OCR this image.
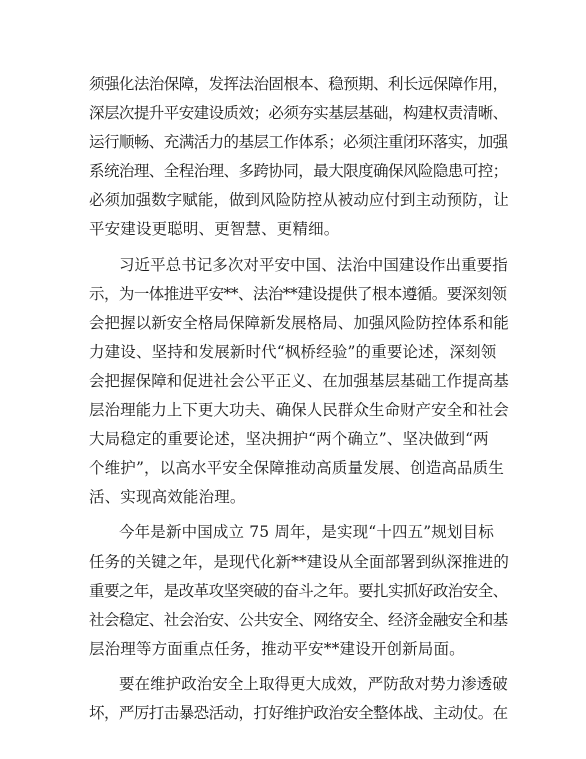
须强化法治保障，发挥法治固根本、稳预期、利长远保障作用，
深层次提升平安建设质效；必须夯实基层基础，构建权责清晰、
运行顺畅、充满活力的基层工作体系；必须注重闭环落实，加强
系统治理、全程治理、多跨协同，最大限度确保风险隐患可控；
必须加强数字赋能，做到风险防控从被动应付到主动预防，让
平安建设更聪明、更智慧、更精细。
习近平总书记多次对平安中国、法治中国建设作出重要指
示，为一体推进平安**、法治**建设提供了根本遵循。要深刻领
会把握以新安全格局保障新发展格局、加强风险防控体系和能
力建设、坚持和发展新时代“枫桥经验”的重要论述，深刻领
会把握保障和促进社会公平正义、在加强基层基础工作提高基
层治理能力上下更大功夫、确保人民群众生命财产安全和社会
大局稳定的重要论述，坚决拥护“两个确立”、坚决做到“两
个维护”，以高水平安全保障推动高质量发展、创造高品质生
活、实现高效能治理。
今年是新中国成立 75 周年，是实现“十四五”规划目标
任务的关键之年，是现代化新**建设从全面部署到纵深推进的
重要之年，是改革攻坚突破的奋斗之年。要扎实抓好政治安全、
社会稳定、社会治安、公共安全、网络安全、经济金融安全和基
层治理等方面重点任务，推动平安**建设开创新局面。
要在维护政治安全上取得更大成效，严防敌对势力渗透破
坏，严厉打击暴恐活动，打好维护政治安全整体战、主动仗。在
